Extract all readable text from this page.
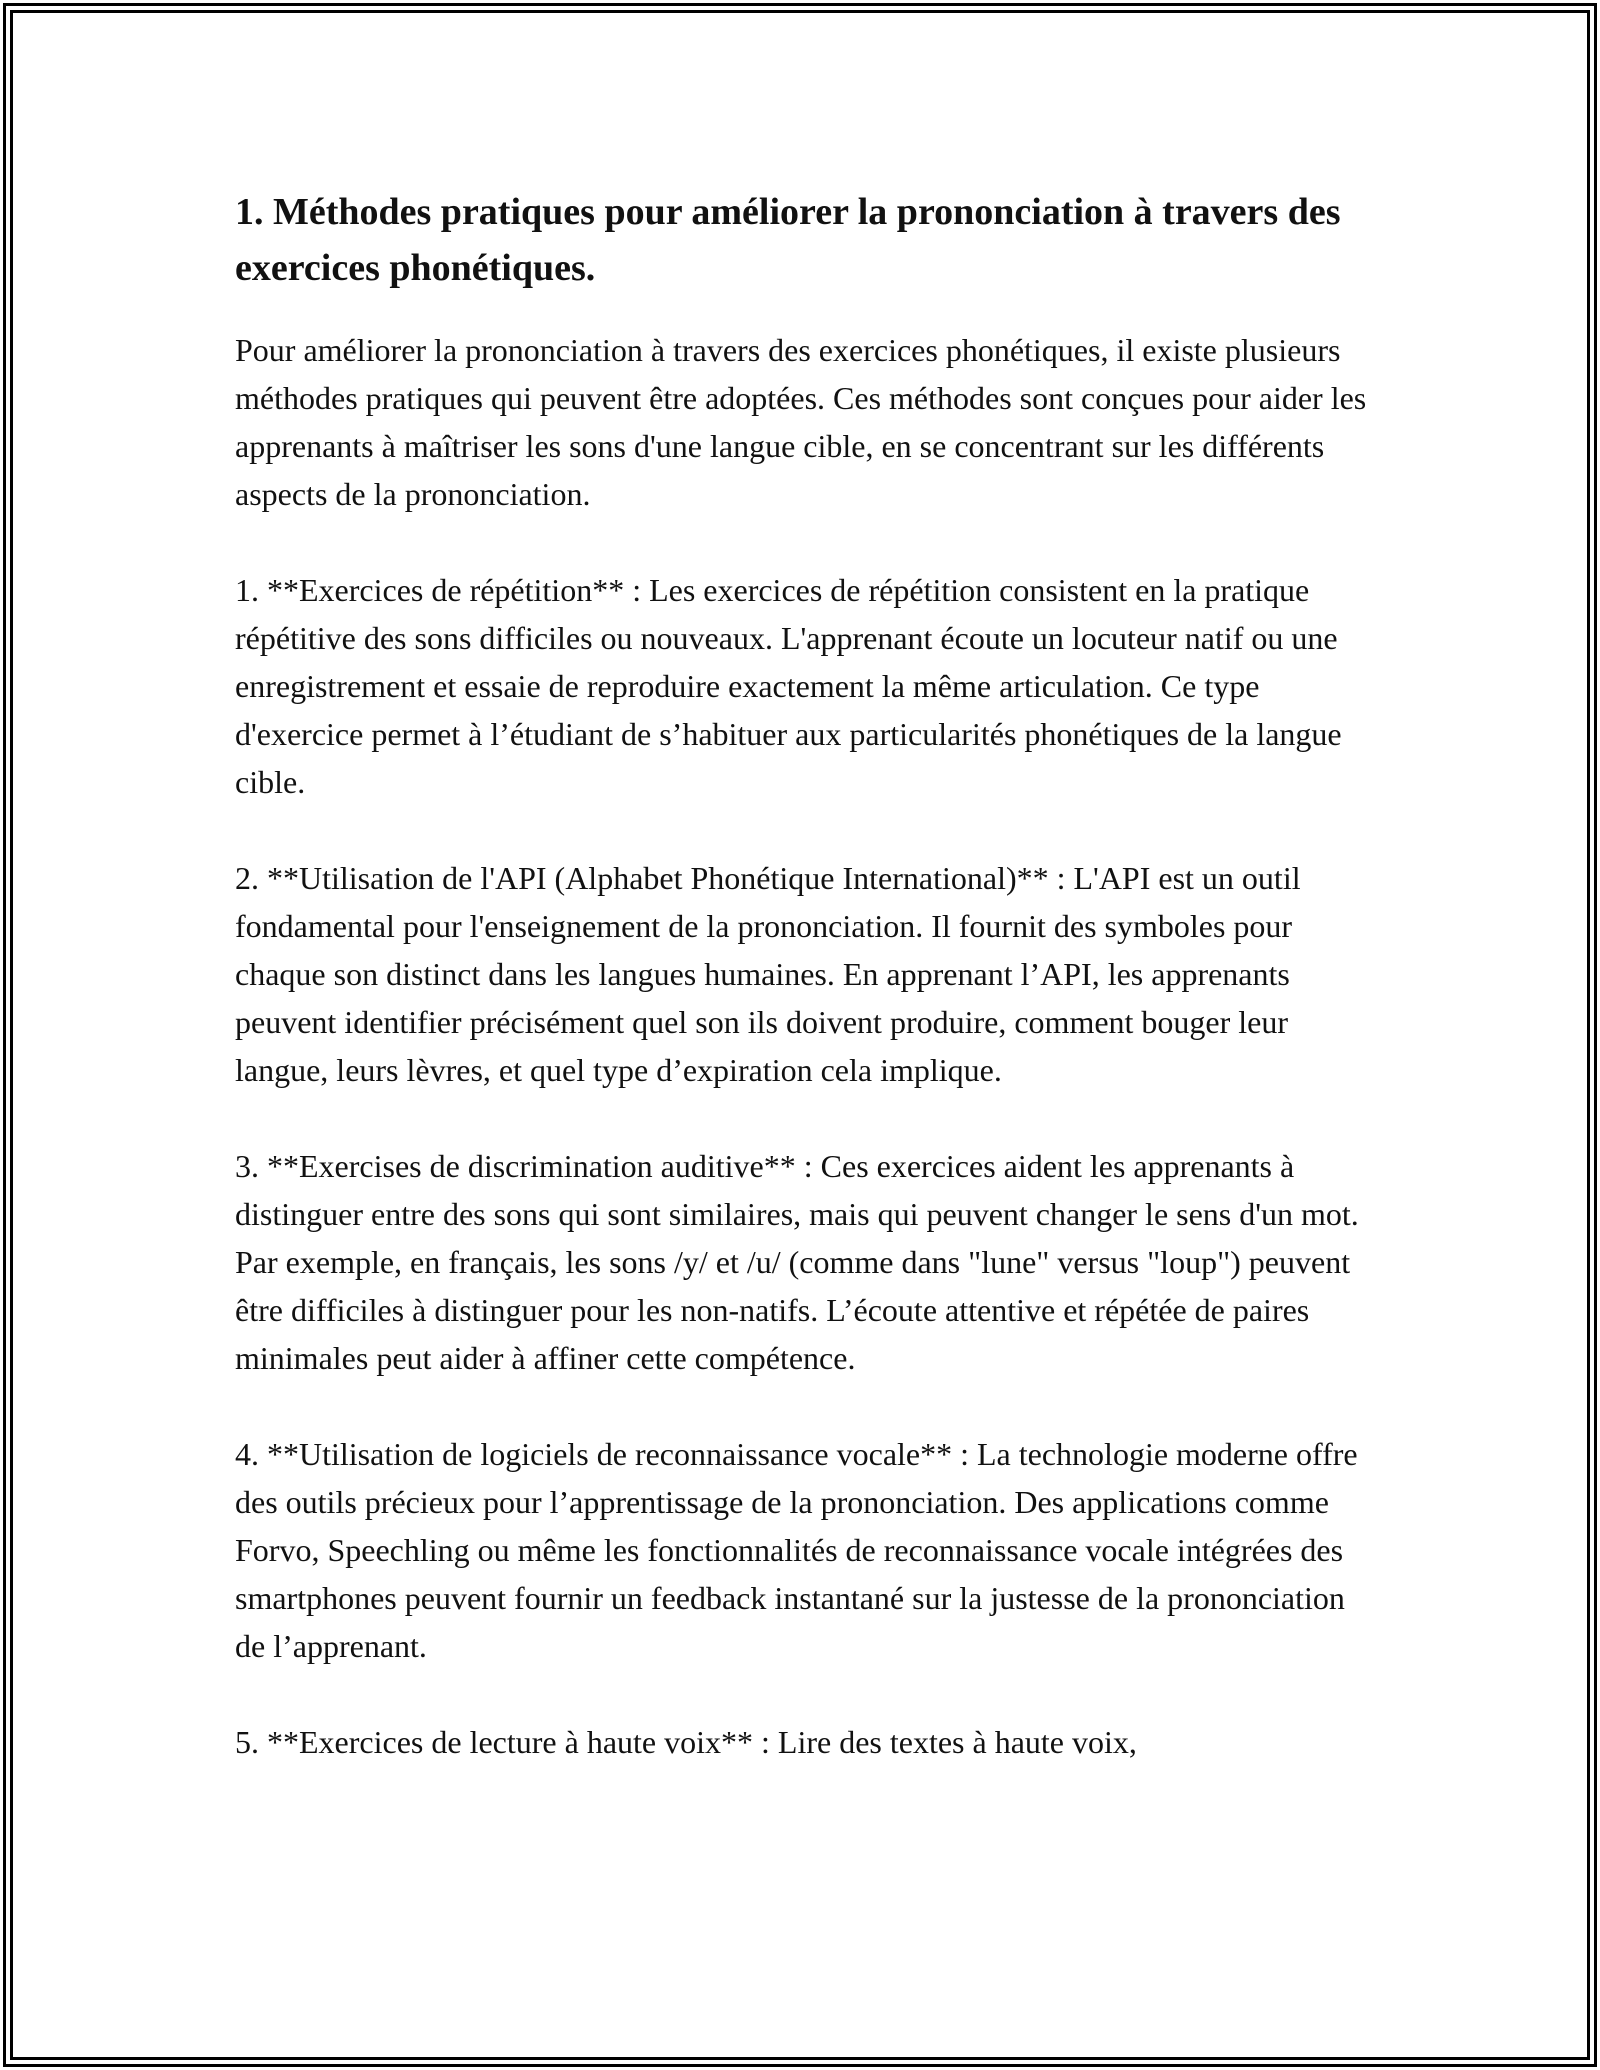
1. Méthodes pratiques pour améliorer la prononciation à travers des exercices phonétiques.

Pour améliorer la prononciation à travers des exercices phonétiques, il existe plusieurs méthodes pratiques qui peuvent être adoptées. Ces méthodes sont conçues pour aider les apprenants à maîtriser les sons d'une langue cible, en se concentrant sur les différents aspects de la prononciation.

1. **Exercices de répétition** : Les exercices de répétition consistent en la pratique répétitive des sons difficiles ou nouveaux. L'apprenant écoute un locuteur natif ou une enregistrement et essaie de reproduire exactement la même articulation. Ce type d'exercice permet à l’étudiant de s’habituer aux particularités phonétiques de la langue cible.

2. **Utilisation de l'API (Alphabet Phonétique International)** : L'API est un outil fondamental pour l'enseignement de la prononciation. Il fournit des symboles pour chaque son distinct dans les langues humaines. En apprenant l’API, les apprenants peuvent identifier précisément quel son ils doivent produire, comment bouger leur langue, leurs lèvres, et quel type d’expiration cela implique.

3. **Exercises de discrimination auditive** : Ces exercices aident les apprenants à distinguer entre des sons qui sont similaires, mais qui peuvent changer le sens d'un mot. Par exemple, en français, les sons /y/ et /u/ (comme dans "lune" versus "loup") peuvent être difficiles à distinguer pour les non-natifs. L’écoute attentive et répétée de paires minimales peut aider à affiner cette compétence.

4. **Utilisation de logiciels de reconnaissance vocale** : La technologie moderne offre des outils précieux pour l’apprentissage de la prononciation. Des applications comme Forvo, Speechling ou même les fonctionnalités de reconnaissance vocale intégrées des smartphones peuvent fournir un feedback instantané sur la justesse de la prononciation de l’apprenant.

5. **Exercices de lecture à haute voix** : Lire des textes à haute voix,
